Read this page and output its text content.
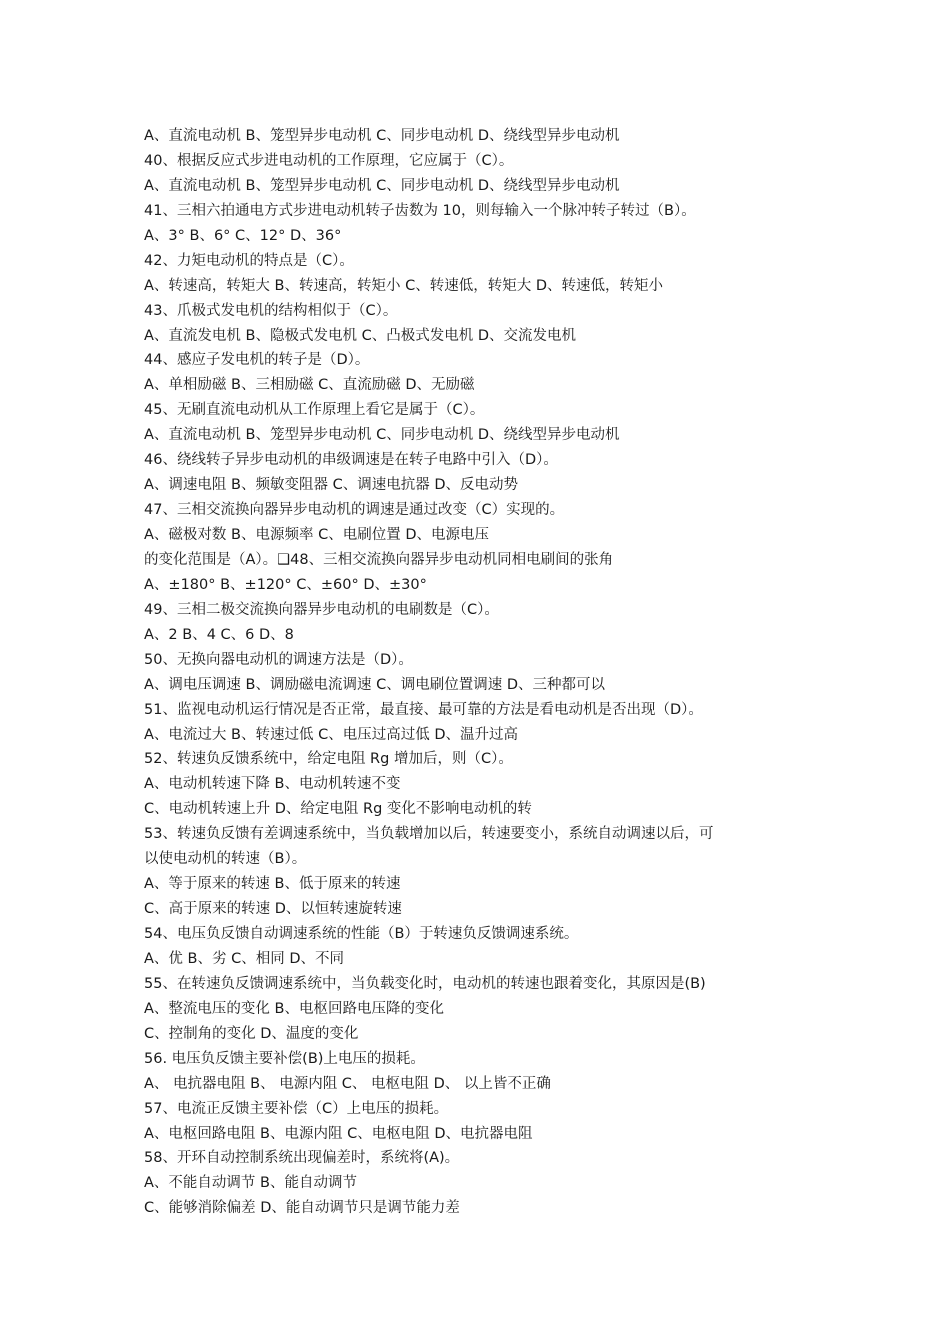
A、直流电动机 B、笼型异步电动机 C、同步电动机 D、绕线型异步电动机
40、根据反应式步进电动机的工作原理，它应属于（C）。
A、直流电动机 B、笼型异步电动机 C、同步电动机 D、绕线型异步电动机
41、三相六拍通电方式步进电动机转子齿数为 10，则每输入一个脉冲转子转过（B）。
A、3° B、6° C、12° D、36°
42、力矩电动机的特点是（C）。
A、转速高，转矩大 B、转速高，转矩小 C、转速低，转矩大 D、转速低，转矩小
43、爪极式发电机的结构相似于（C）。
A、直流发电机 B、隐极式发电机 C、凸极式发电机 D、交流发电机
44、感应子发电机的转子是（D）。
A、单相励磁 B、三相励磁 C、直流励磁 D、无励磁
45、无刷直流电动机从工作原理上看它是属于（C）。
A、直流电动机 B、笼型异步电动机 C、同步电动机 D、绕线型异步电动机
46、绕线转子异步电动机的串级调速是在转子电路中引入（D）。
A、调速电阻 B、频敏变阻器 C、调速电抗器 D、反电动势
47、三相交流换向器异步电动机的调速是通过改变（C）实现的。
A、磁极对数 B、电源频率 C、电刷位置 D、电源电压
的变化范围是（A）。❑48、三相交流换向器异步电动机同相电刷间的张角
A、±180° B、±120° C、±60° D、±30°
49、三相二极交流换向器异步电动机的电刷数是（C）。
A、2 B、4 C、6 D、8
50、无换向器电动机的调速方法是（D）。
A、调电压调速 B、调励磁电流调速 C、调电刷位置调速 D、三种都可以
51、监视电动机运行情况是否正常，最直接、最可靠的方法是看电动机是否出现（D）。
A、电流过大 B、转速过低 C、电压过高过低 D、温升过高
52、转速负反馈系统中，给定电阻 Rg 增加后，则（C）。
A、电动机转速下降 B、电动机转速不变
C、电动机转速上升 D、给定电阻 Rg 变化不影响电动机的转
53、转速负反馈有差调速系统中，当负载增加以后，转速要变小，系统自动调速以后，可
以使电动机的转速（B）。
A、等于原来的转速 B、低于原来的转速
C、高于原来的转速 D、以恒转速旋转速
54、电压负反馈自动调速系统的性能（B）于转速负反馈调速系统。
A、优 B、劣 C、相同 D、不同
55、在转速负反馈调速系统中，当负载变化时，电动机的转速也跟着变化，其原因是(B)
A、整流电压的变化 B、电枢回路电压降的变化
C、控制角的变化 D、温度的变化
56. 电压负反馈主要补偿(B)上电压的损耗。
A、 电抗器电阻 B、 电源内阻 C、 电枢电阻 D、 以上皆不正确
57、电流正反馈主要补偿（C）上电压的损耗。
A、电枢回路电阻 B、电源内阻 C、电枢电阻 D、电抗器电阻
58、开环自动控制系统出现偏差时，系统将(A)。
A、不能自动调节 B、能自动调节
C、能够消除偏差 D、能自动调节只是调节能力差
